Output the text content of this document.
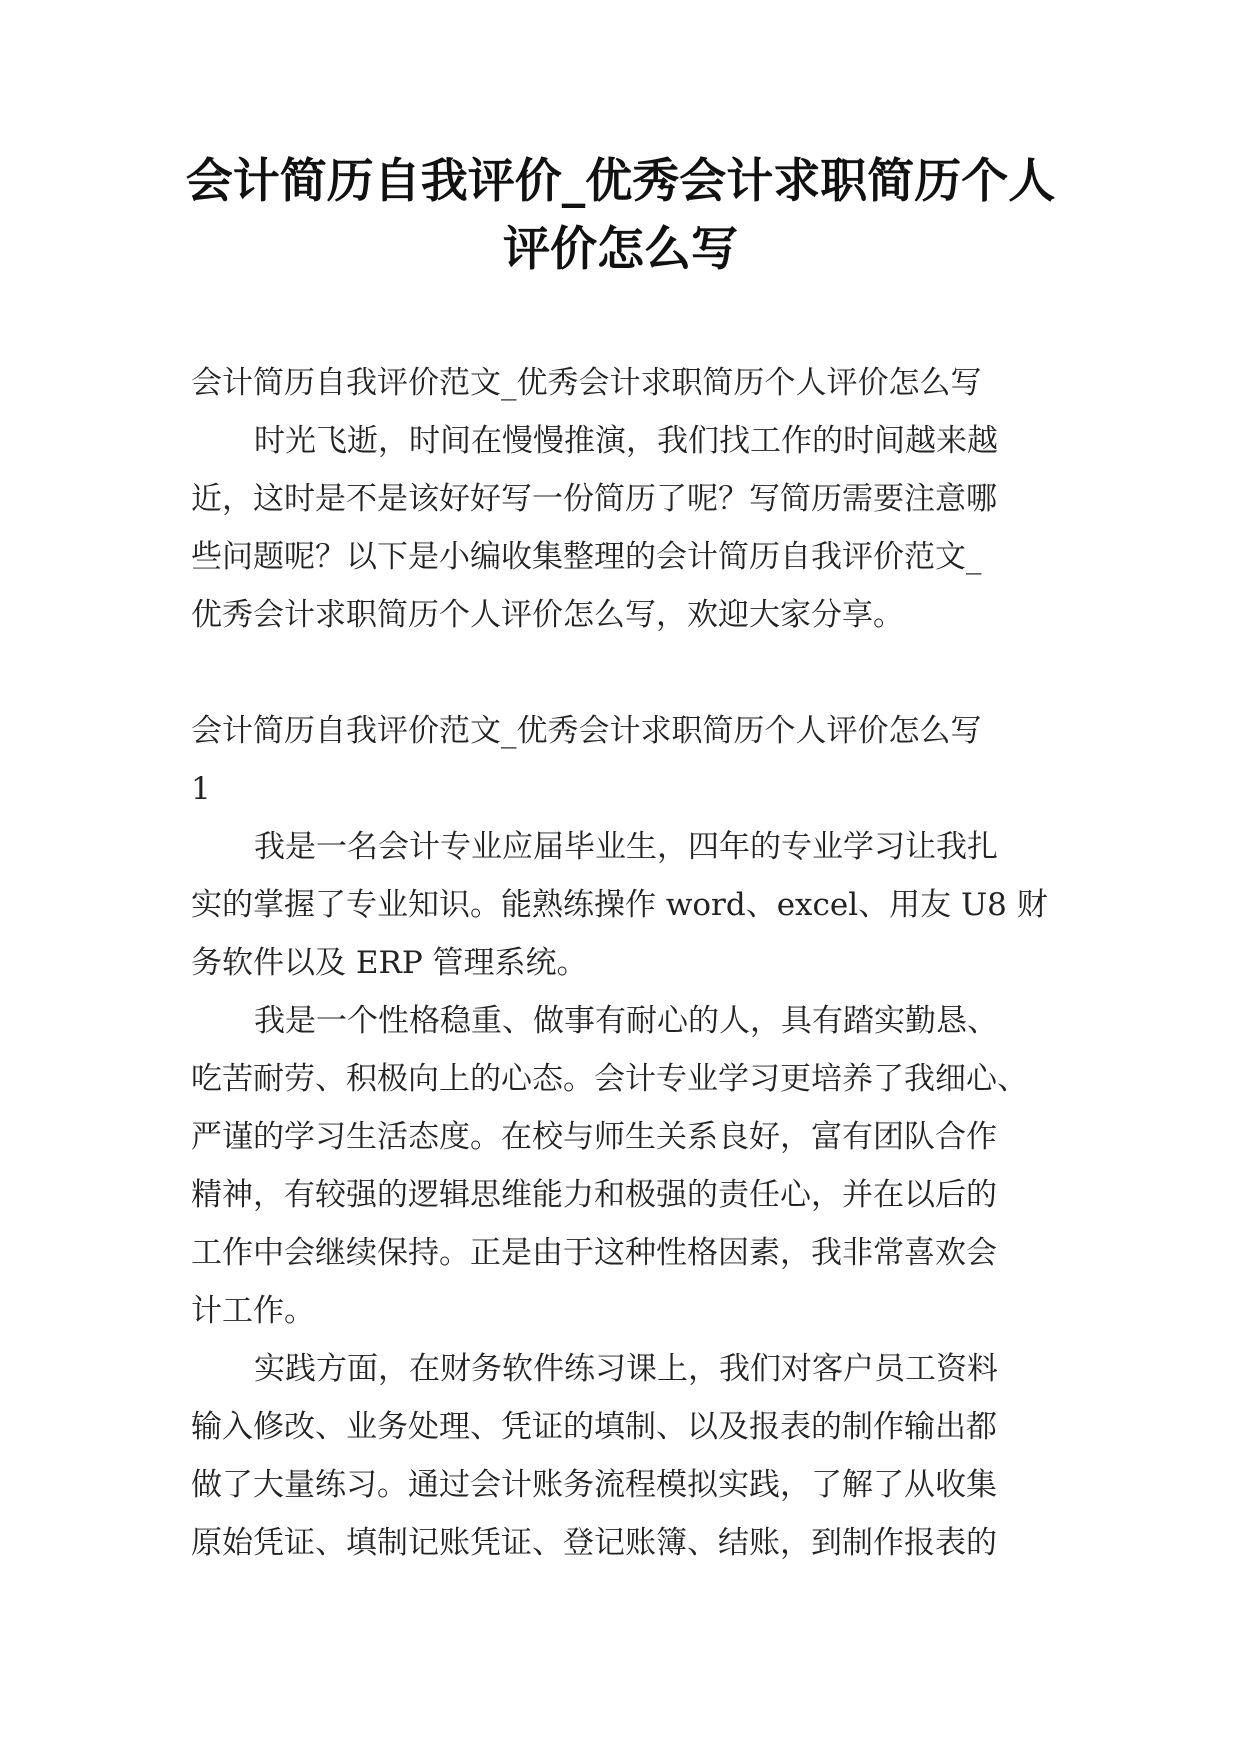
会计简历自我评价_优秀会计求职简历个人
评价怎么写
会计简历自我评价范文_优秀会计求职简历个人评价怎么写
时光飞逝，时间在慢慢推演，我们找工作的时间越来越
近，这时是不是该好好写一份简历了呢？写简历需要注意哪
些问题呢？以下是小编收集整理的会计简历自我评价范文_
优秀会计求职简历个人评价怎么写，欢迎大家分享。
会计简历自我评价范文_优秀会计求职简历个人评价怎么写
1
我是一名会计专业应届毕业生，四年的专业学习让我扎
实的掌握了专业知识。能熟练操作 word、excel、用友 U8 财
务软件以及 ERP 管理系统。
我是一个性格稳重、做事有耐心的人，具有踏实勤恳、
吃苦耐劳、积极向上的心态。会计专业学习更培养了我细心、
严谨的学习生活态度。在校与师生关系良好，富有团队合作
精神，有较强的逻辑思维能力和极强的责任心，并在以后的
工作中会继续保持。正是由于这种性格因素，我非常喜欢会
计工作。
实践方面，在财务软件练习课上，我们对客户员工资料
输入修改、业务处理、凭证的填制、以及报表的制作输出都
做了大量练习。通过会计账务流程模拟实践，了解了从收集
原始凭证、填制记账凭证、登记账簿、结账，到制作报表的
